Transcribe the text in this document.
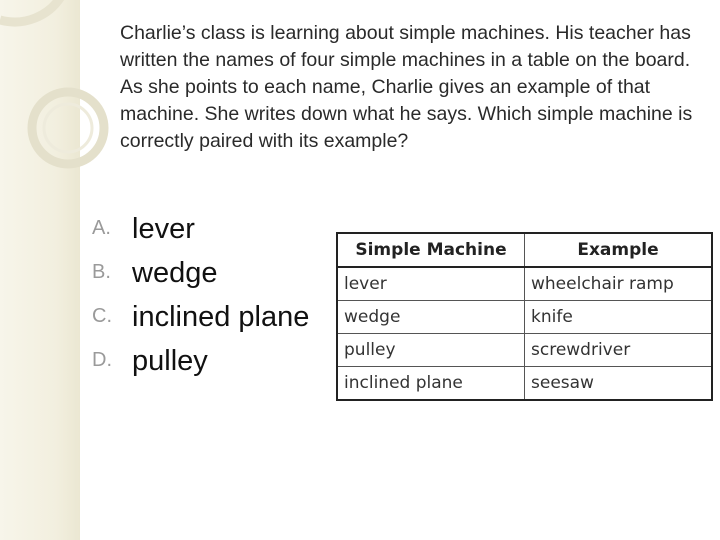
Charlie’s class is learning about simple machines. His teacher has written the names of four simple machines in a table on the board. As she points to each name, Charlie gives an example of that machine. She writes down what he says. Which simple machine is correctly paired with its example?

A. lever
B. wedge
C. inclined plane
D. pulley
Simple Machine	Example
lever	wheelchair ramp
wedge	knife
pulley	screwdriver
inclined plane	seesaw
